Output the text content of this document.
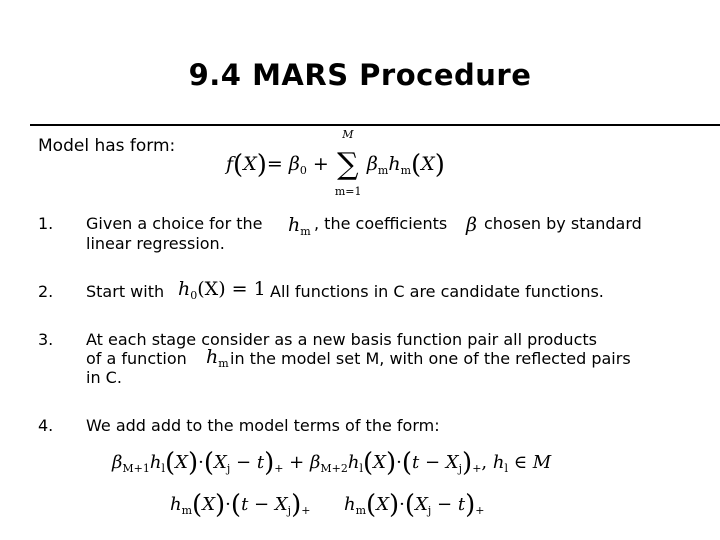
9.4 MARS Procedure
Model has form:
$f(X)= \beta_0$ +
M
∑
m=1
$\beta_mh_m(X)$
1. Given a choice for the $h_m$ , the coefficients β chosen by standard
linear regression.
2. Start with $h_0(X) = 1$ All functions in C are candidate functions.
3. At each stage consider as a new basis function pair all products
of a function $h_m$ in the model set M, with one of the reflected pairs
in C.
4. We add add to the model terms of the form:
$\beta_{M+1}h_l(X)\cdot(X_j - t)_+ + \beta_{M+2}h_l(X)\cdot(t - X_j)_+$, $h_l$ ∈ M
$h_m(X)\cdot(t - X_j)_+$ $h_m(X)\cdot(X_j - t)_+$
